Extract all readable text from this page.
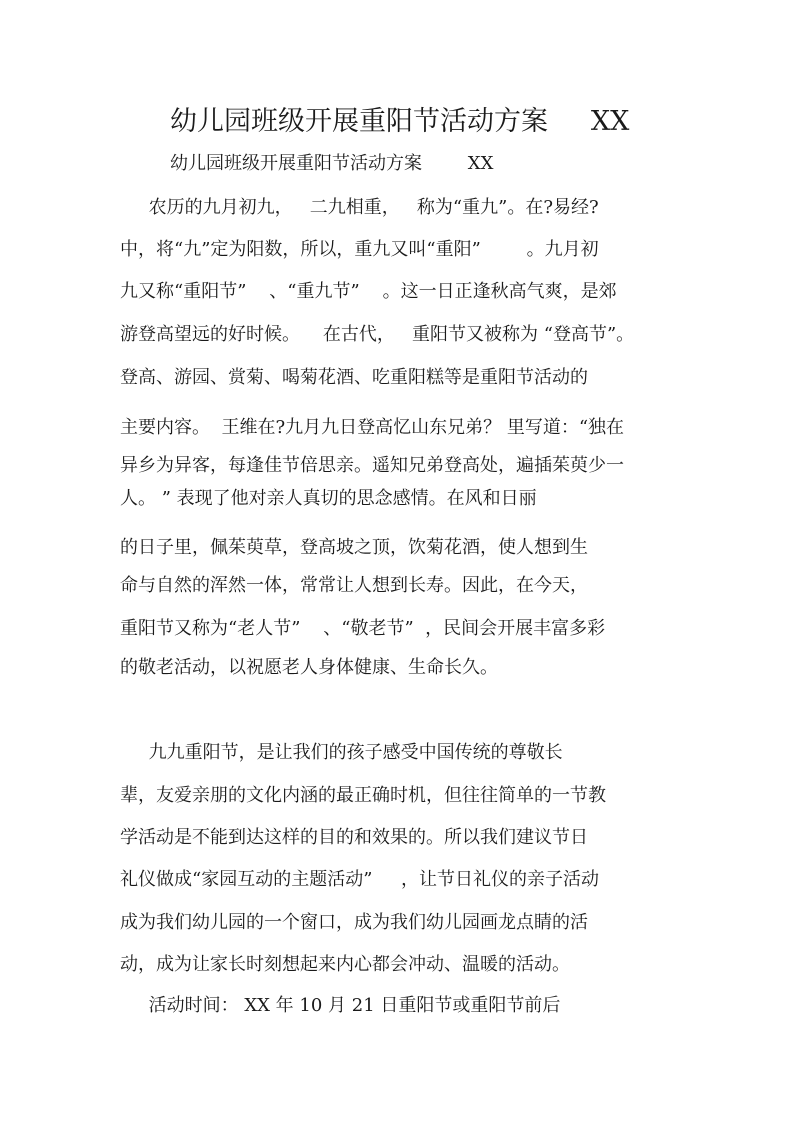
幼儿园班级开展重阳节活动方案     XX
幼儿园班级开展重阳节活动方案        XX
农历的九月初九，   二九相重，   称为“重九”。在?易经?
中，将“九”定为阳数，所以，重九又叫“重阳”        。九月初
九又称“重阳节”    、“重九节”    。这一日正逢秋高气爽，是郊
游登高望远的好时候。    在古代，   重阳节又被称为 “登高节”。
登高、游园、赏菊、喝菊花酒、吃重阳糕等是重阳节活动的
主要内容。  王维在?九月九日登高忆山东兄弟？ 里写道：“独在
异乡为异客，每逢佳节倍思亲。遥知兄弟登高处，遍插茱萸少一
人。 ” 表现了他对亲人真切的思念感情。在风和日丽
的日子里，佩茱萸草，登高坡之顶，饮菊花酒，使人想到生
命与自然的浑然一体，常常让人想到长寿。因此，在今天，
重阳节又称为“老人节”    、“敬老节”  ，民间会开展丰富多彩
的敬老活动，以祝愿老人身体健康、生命长久。
九九重阳节，是让我们的孩子感受中国传统的尊敬长
辈，友爱亲朋的文化内涵的最正确时机，但往往简单的一节教
学活动是不能到达这样的目的和效果的。所以我们建议节日
礼仪做成“家园互动的主题活动”     ，让节日礼仪的亲子活动
成为我们幼儿园的一个窗口，成为我们幼儿园画龙点睛的活
动，成为让家长时刻想起来内心都会冲动、温暖的活动。
活动时间： XX 年 10 月 21 日重阳节或重阳节前后
